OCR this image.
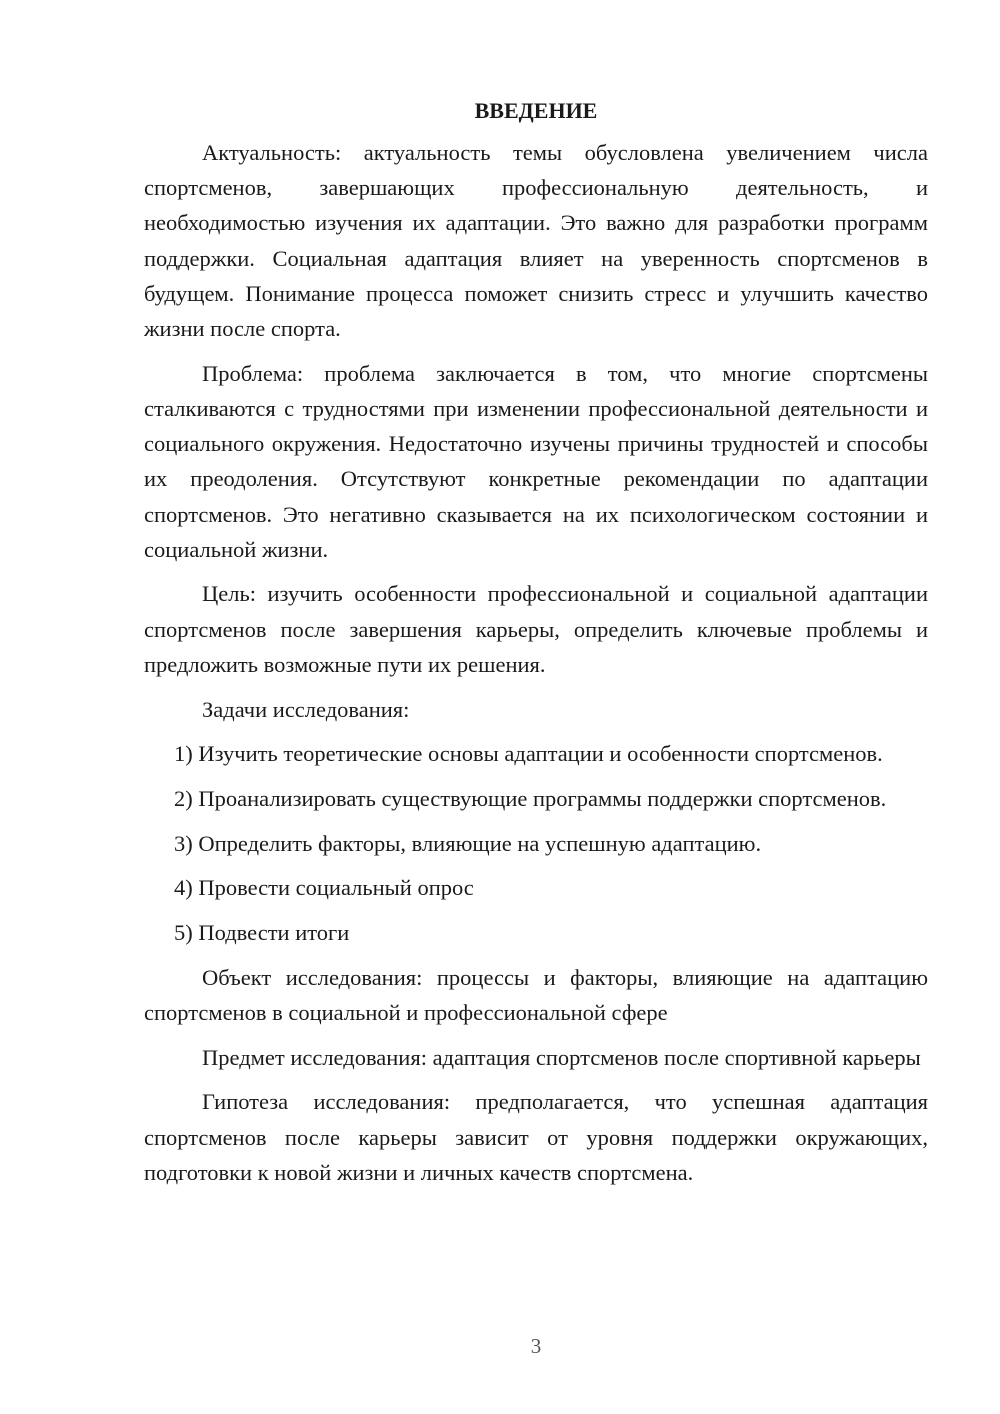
ВВЕДЕНИЕ

Актуальность: актуальность темы обусловлена увеличением числа спортсменов, завершающих профессиональную деятельность, и необходимостью изучения их адаптации. Это важно для разработки программ поддержки. Социальная адаптация влияет на уверенность спортсменов в будущем. Понимание процесса поможет снизить стресс и улучшить качество жизни после спорта.

Проблема: проблема заключается в том, что многие спортсмены сталкиваются с трудностями при изменении профессиональной деятельности и социального окружения. Недостаточно изучены причины трудностей и способы их преодоления. Отсутствуют конкретные рекомендации по адаптации спортсменов. Это негативно сказывается на их психологическом состоянии и социальной жизни.

Цель: изучить особенности профессиональной и социальной адаптации спортсменов после завершения карьеры, определить ключевые проблемы и предложить возможные пути их решения.

Задачи исследования:

1) Изучить теоретические основы адаптации и особенности спортсменов.

2) Проанализировать существующие программы поддержки спортсменов.

3) Определить факторы, влияющие на успешную адаптацию.

4) Провести социальный опрос

5) Подвести итоги

Объект исследования: процессы и факторы, влияющие на адаптацию спортсменов в социальной и профессиональной сфере

Предмет исследования: адаптация спортсменов после спортивной карьеры

Гипотеза исследования: предполагается, что успешная адаптация спортсменов после карьеры зависит от уровня поддержки окружающих, подготовки к новой жизни и личных качеств спортсмена.

3
